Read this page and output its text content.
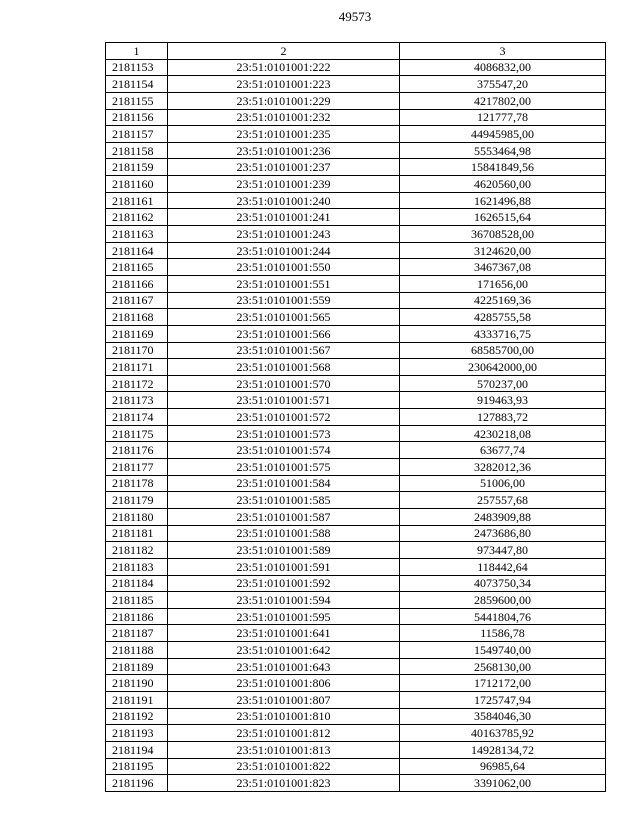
49573
1	2	3
2181153	23:51:0101001:222	4086832,00
2181154	23:51:0101001:223	375547,20
2181155	23:51:0101001:229	4217802,00
2181156	23:51:0101001:232	121777,78
2181157	23:51:0101001:235	44945985,00
2181158	23:51:0101001:236	5553464,98
2181159	23:51:0101001:237	15841849,56
2181160	23:51:0101001:239	4620560,00
2181161	23:51:0101001:240	1621496,88
2181162	23:51:0101001:241	1626515,64
2181163	23:51:0101001:243	36708528,00
2181164	23:51:0101001:244	3124620,00
2181165	23:51:0101001:550	3467367,08
2181166	23:51:0101001:551	171656,00
2181167	23:51:0101001:559	4225169,36
2181168	23:51:0101001:565	4285755,58
2181169	23:51:0101001:566	4333716,75
2181170	23:51:0101001:567	68585700,00
2181171	23:51:0101001:568	230642000,00
2181172	23:51:0101001:570	570237,00
2181173	23:51:0101001:571	919463,93
2181174	23:51:0101001:572	127883,72
2181175	23:51:0101001:573	4230218,08
2181176	23:51:0101001:574	63677,74
2181177	23:51:0101001:575	3282012,36
2181178	23:51:0101001:584	51006,00
2181179	23:51:0101001:585	257557,68
2181180	23:51:0101001:587	2483909,88
2181181	23:51:0101001:588	2473686,80
2181182	23:51:0101001:589	973447,80
2181183	23:51:0101001:591	118442,64
2181184	23:51:0101001:592	4073750,34
2181185	23:51:0101001:594	2859600,00
2181186	23:51:0101001:595	5441804,76
2181187	23:51:0101001:641	11586,78
2181188	23:51:0101001:642	1549740,00
2181189	23:51:0101001:643	2568130,00
2181190	23:51:0101001:806	1712172,00
2181191	23:51:0101001:807	1725747,94
2181192	23:51:0101001:810	3584046,30
2181193	23:51:0101001:812	40163785,92
2181194	23:51:0101001:813	14928134,72
2181195	23:51:0101001:822	96985,64
2181196	23:51:0101001:823	3391062,00
